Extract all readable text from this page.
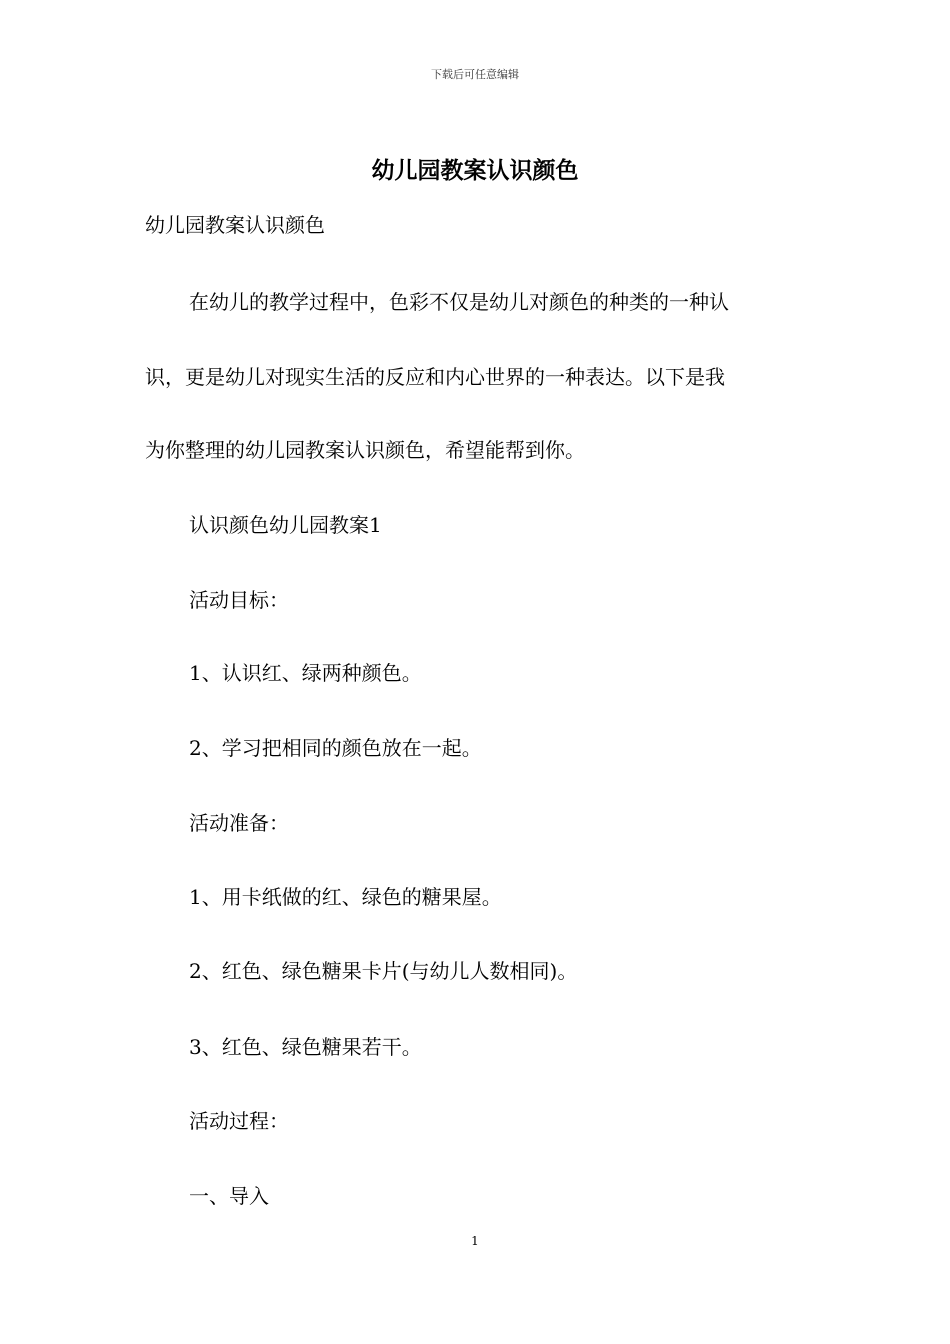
下载后可任意编辑
幼儿园教案认识颜色
幼儿园教案认识颜色
在幼儿的教学过程中，色彩不仅是幼儿对颜色的种类的一种认
识，更是幼儿对现实生活的反应和内心世界的一种表达。以下是我
为你整理的幼儿园教案认识颜色，希望能帮到你。
认识颜色幼儿园教案1
活动目标：
1、认识红、绿两种颜色。
2、学习把相同的颜色放在一起。
活动准备：
1、用卡纸做的红、绿色的糖果屋。
2、红色、绿色糖果卡片(与幼儿人数相同)。
3、红色、绿色糖果若干。
活动过程：
一、导入
1
